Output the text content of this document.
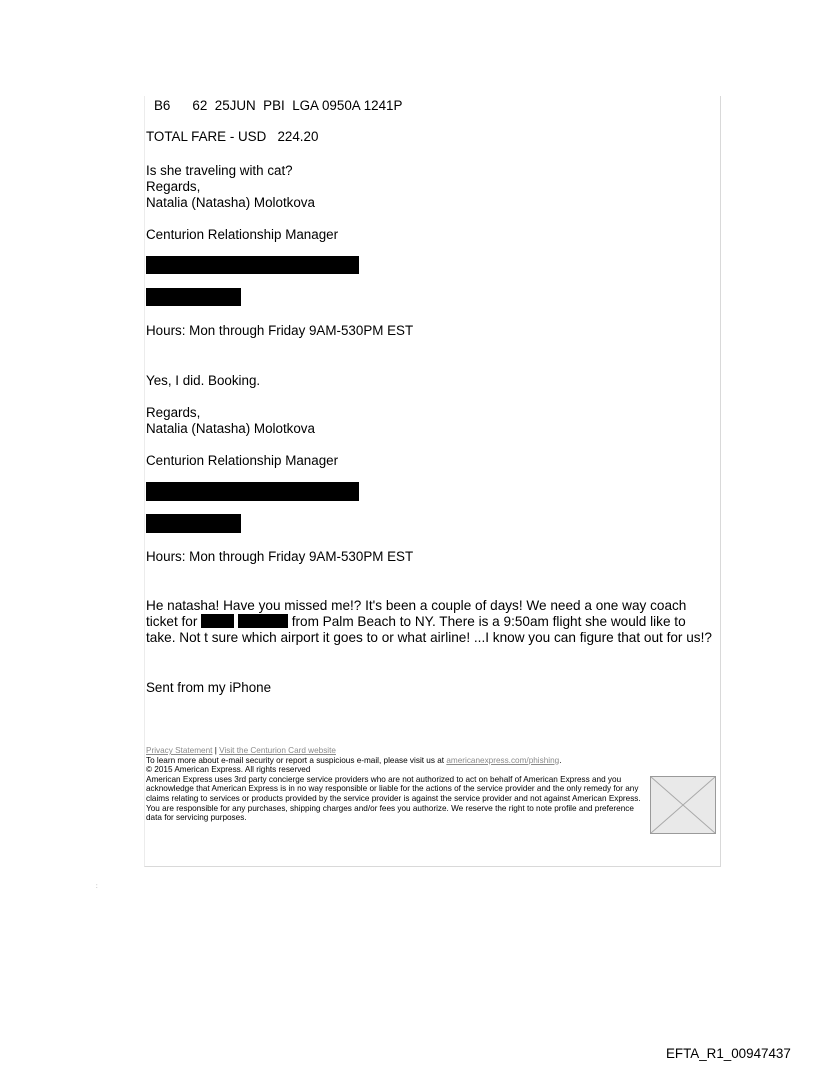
B6 62 25JUN PBI LGA 0950A 1241P
TOTAL FARE - USD 224.20
Is she traveling with cat?
Regards,
Natalia (Natasha) Molotkova
Centurion Relationship Manager
Hours: Mon through Friday 9AM-530PM EST
Yes, I did. Booking.
Regards,
Natalia (Natasha) Molotkova
Centurion Relationship Manager
Hours: Mon through Friday 9AM-530PM EST
He natasha! Have you missed me!? It's been a couple of days! We need a one way coach ticket for	from Palm Beach to NY. There is a 9:50am flight she would like to take. Not t sure which airport it goes to or what airline! ...I know you can figure that out for us!?
Sent from my iPhone
Privacy Statement | Visit the Centurion Card website
To learn more about e-mail security or report a suspicious e-mail, please visit us at americanexpress.com/phishing.
© 2015 American Express. All rights reserved
American Express uses 3rd party concierge service providers who are not authorized to act on behalf of American Express and you acknowledge that American Express is in no way responsible or liable for the actions of the service provider and the only remedy for any claims relating to services or products provided by the service provider is against the service provider and not against American Express. You are responsible for any purchases, shipping charges and/or fees you authorize. We reserve the right to note profile and preference data for servicing purposes.
:
EFTA_R1_00947437
